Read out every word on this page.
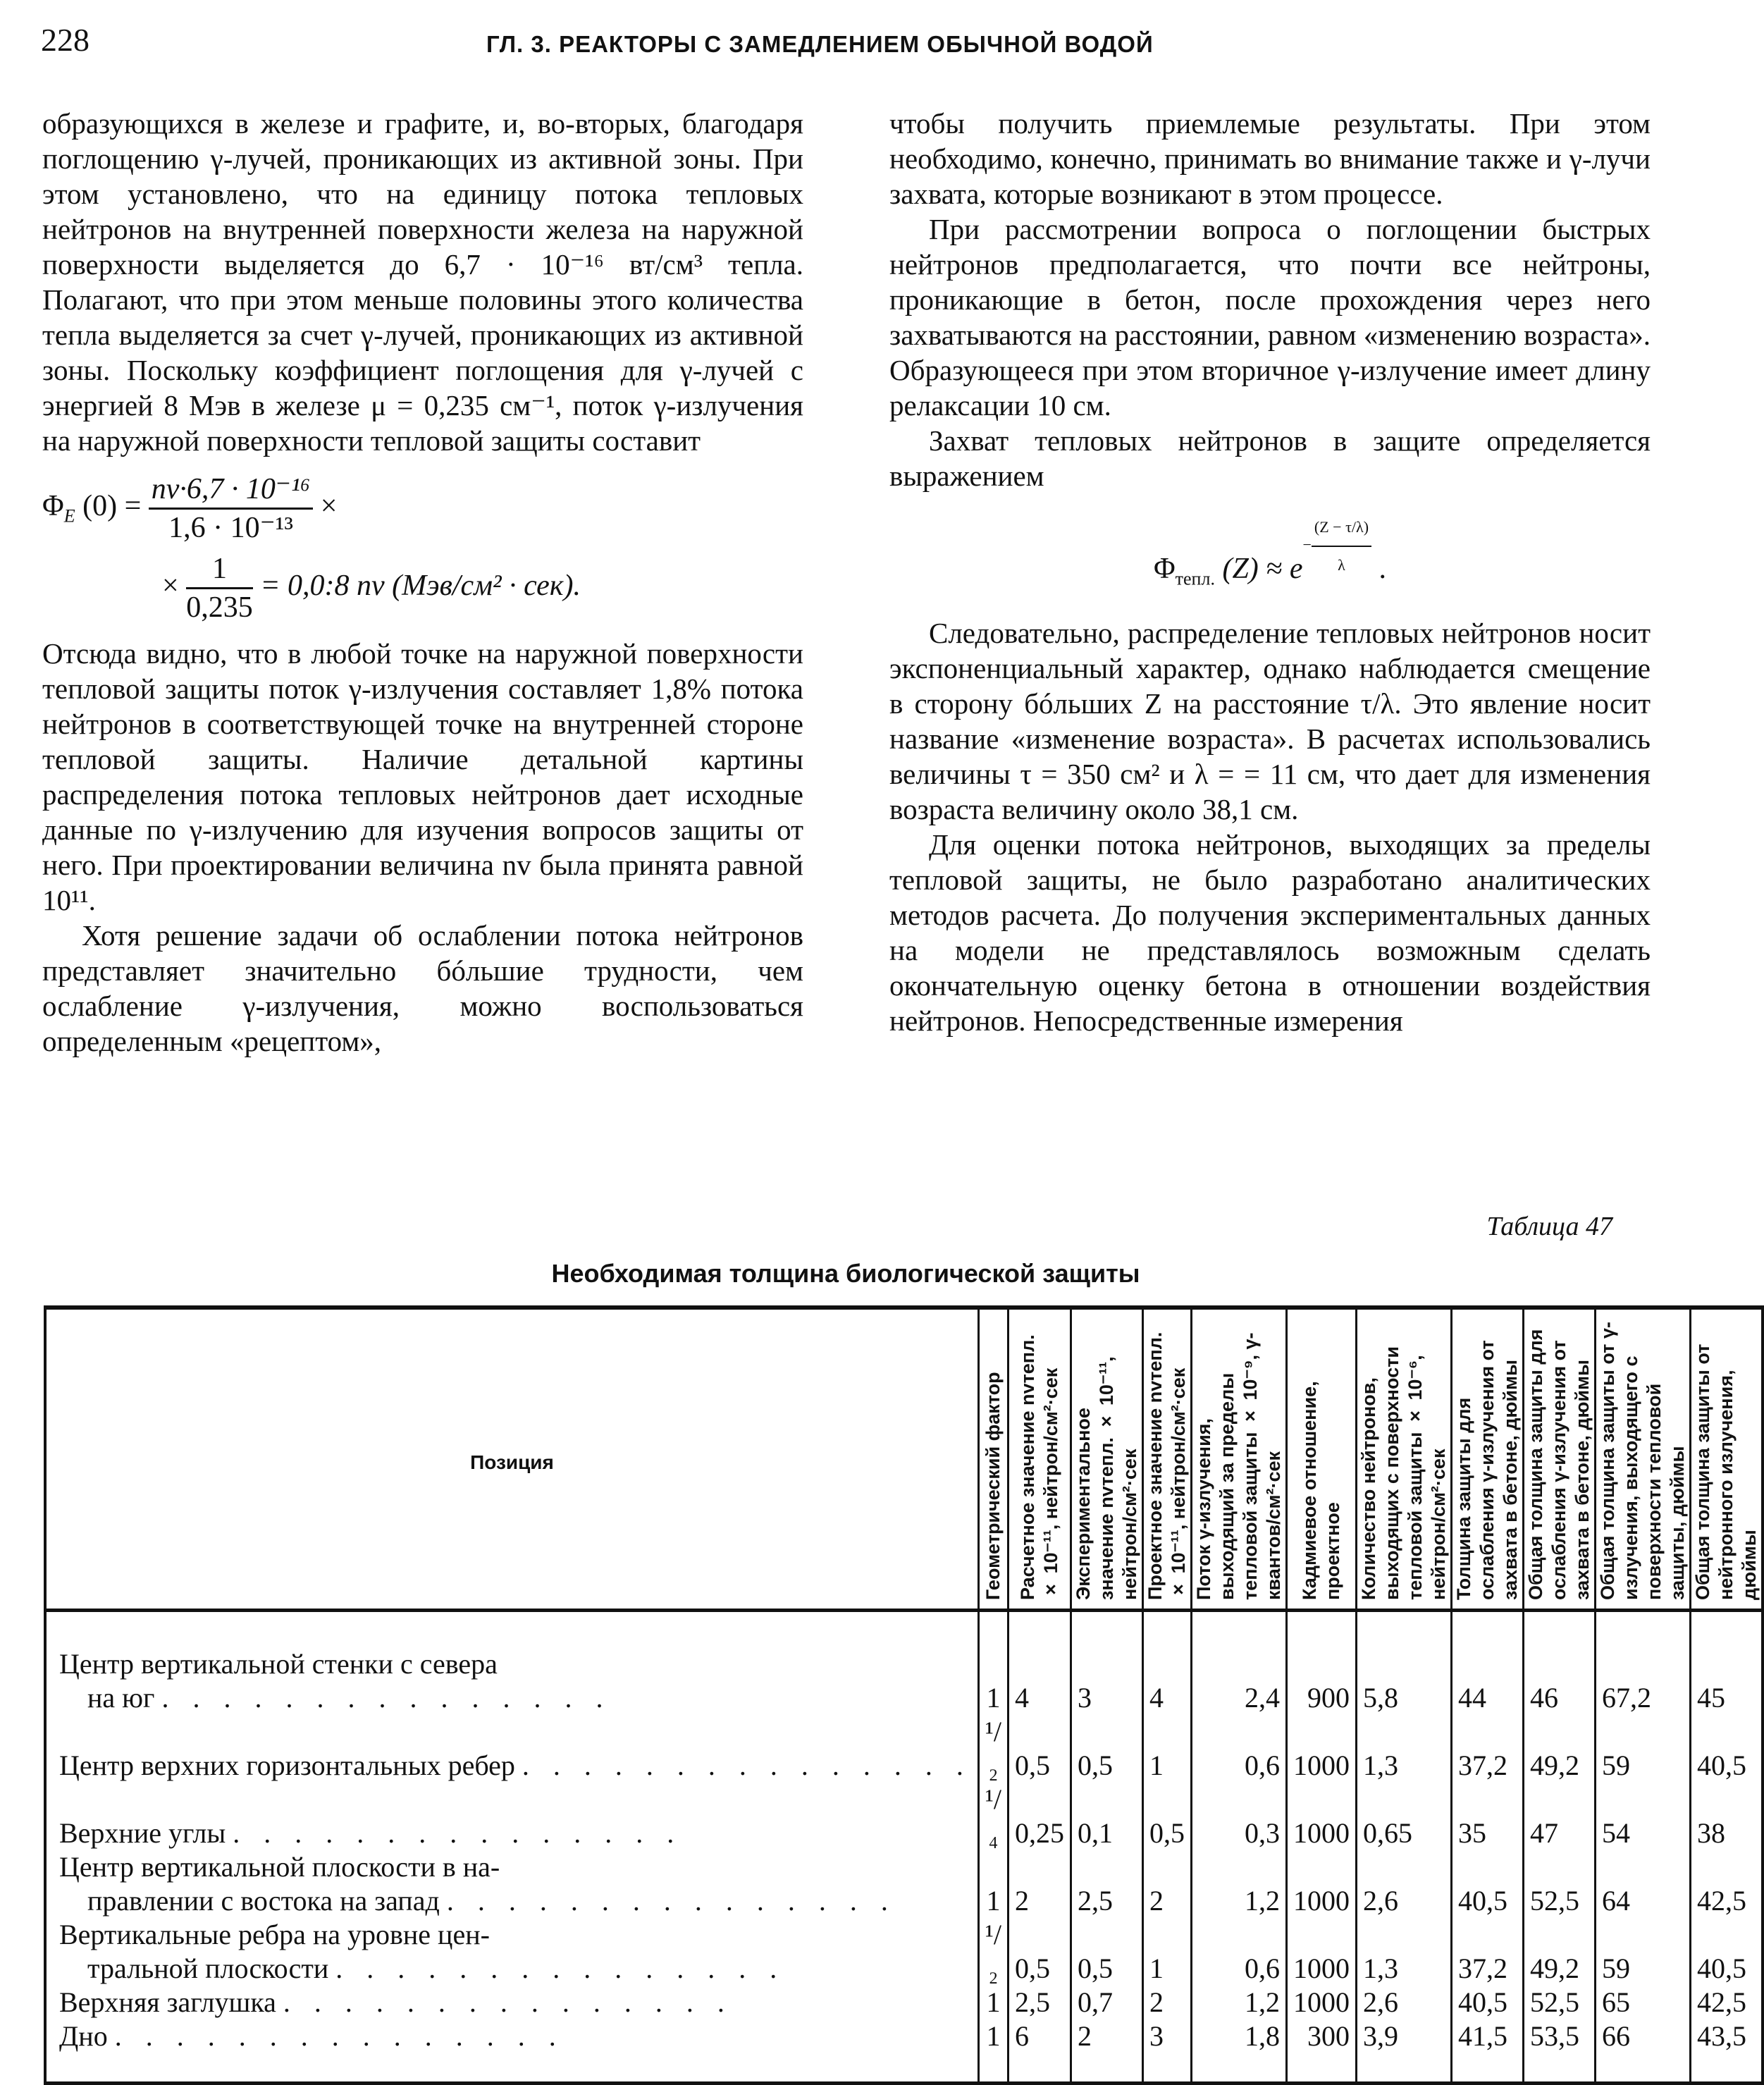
228	ГЛ. 3. РЕАКТОРЫ С ЗАМЕДЛЕНИЕМ ОБЫЧНОЙ ВОДОЙ

образующихся в железе и графите, и, во-вторых, благодаря поглощению γ-лучей, проникающих из активной зоны. При этом установлено, что на единицу потока тепловых нейтронов на внутренней поверхности железа на наружной поверхности выделяется до 6,7 · 10⁻¹⁶ вт/см³ тепла. Полагают, что при этом меньше половины этого количества тепла выделяется за счет γ-лучей, проникающих из активной зоны. Поскольку коэффициент поглощения для γ-лучей с энергией 8 Мэв в железе μ = 0,235 см⁻¹, поток γ-излучения на наружной поверхности тепловой защиты составит

$\Phi_E$ $(0) = \frac{\text{nv·6,7 · 10⁻¹⁶}}{\text{1,6 · 10⁻¹³}}$ ×
× $\frac{1}{0,235}$ = 0,0:8 nv (Мэв/см² · сек).

Отсюда видно, что в любой точке на наружной поверхности тепловой защиты поток γ-излучения составляет 1,8% потока нейтронов в соответствующей точке на внутренней стороне тепловой защиты. Наличие детальной картины распределения потока тепловых нейтронов дает исходные данные по γ-излучению для изучения вопросов защиты от него. При проектировании величина nv была принята равной 10¹¹.

Хотя решение задачи об ослаблении потока нейтронов представляет значительно бóльшие трудности, чем ослабление γ-излучения, можно воспользоваться определенным «рецептом»,

чтобы получить приемлемые результаты. При этом необходимо, конечно, принимать во внимание также и γ-лучи захвата, которые возникают в этом процессе.

При рассмотрении вопроса о поглощении быстрых нейтронов предполагается, что почти все нейтроны, проникающие в бетон, после прохождения через него захватываются на расстоянии, равном «изменению возраста». Образующееся при этом вторичное γ-излучение имеет длину релаксации 10 см.

Захват тепловых нейтронов в защите определяется выражением

$\Phi_{тепл.}$ $(Z) \approx e^{- \frac{(Z - \tau/\lambda)}{\lambda}}$ .

Следовательно, распределение тепловых нейтронов носит экспоненциальный характер, однако наблюдается смещение в сторону бóльших Z на расстояние τ/λ. Это явление носит название «изменение возраста». В расчетах использовались величины τ = 350 см² и λ = = 11 см, что дает для изменения возраста величину около 38,1 см.

Для оценки потока нейтронов, выходящих за пределы тепловой защиты, не было разработано аналитических методов расчета. До получения экспериментальных данных на модели не представлялось возможным сделать окончательную оценку бетона в отношении воздействия нейтронов. Непосредственные измерения

Таблица 47
Необходимая толщина биологической защиты
Позиция	Геометрический фактор	Расчетное значение nvтепл. × 10⁻¹¹, нейтрон/см²·сек	Экспериментальное значение nvтепл. × 10⁻¹¹, нейтрон/см²·сек	Проектное значение nvтепл. × 10⁻¹¹, нейтрон/см²·сек	Поток γ-излучения, выходящий за пределы тепловой защиты × 10⁻⁹, γ-квантов/см²·сек	Кадмиевое отношение, проектное	Количество нейтронов, выходящих с поверхности тепловой защиты × 10⁻⁶, нейтрон/см²·сек	Толщина защиты для ослабления γ-излучения от захвата в бетоне, дюймы	Общая толщина защиты для ослабления γ-излучения от захвата в бетоне, дюймы	Общая толщина защиты от γ-излучения, выходящего с поверхности тепловой защиты, дюймы	Общая толщина защиты от нейтронного излучения, дюймы

Центр вертикальной стенки с севера
на юг . . . . . . . . . . . . . . .	1	4	3	4	2,4	900	5,8	44	46	67,2	45

Центр верхних горизонтальных ребер . . . . . . . . . . . . . . .	¹/₂	0,5	0,5	1	0,6	1000	1,3	37,2	49,2	59	40,5

Верхние углы . . . . . . . . . . . . . . .	¹/₄	0,25	0,1	0,5	0,3	1000	0,65	35	47	54	38

Центр вертикальной плоскости в на-
правлении с востока на запад . . . . . . . . . . . . . . .	1	2	2,5	2	1,2	1000	2,6	40,5	52,5	64	42,5

Вертикальные ребра на уровне цен-
тральной плоскости . . . . . . . . . . . . . . .	¹/₂	0,5	0,5	1	0,6	1000	1,3	37,2	49,2	59	40,5

Верхняя заглушка . . . . . . . . . . . . . . .	1	2,5	0,7	2	1,2	1000	2,6	40,5	52,5	65	42,5

Дно . . . . . . . . . . . . . . .	1	6	2	3	1,8	300	3,9	41,5	53,5	66	43,5
